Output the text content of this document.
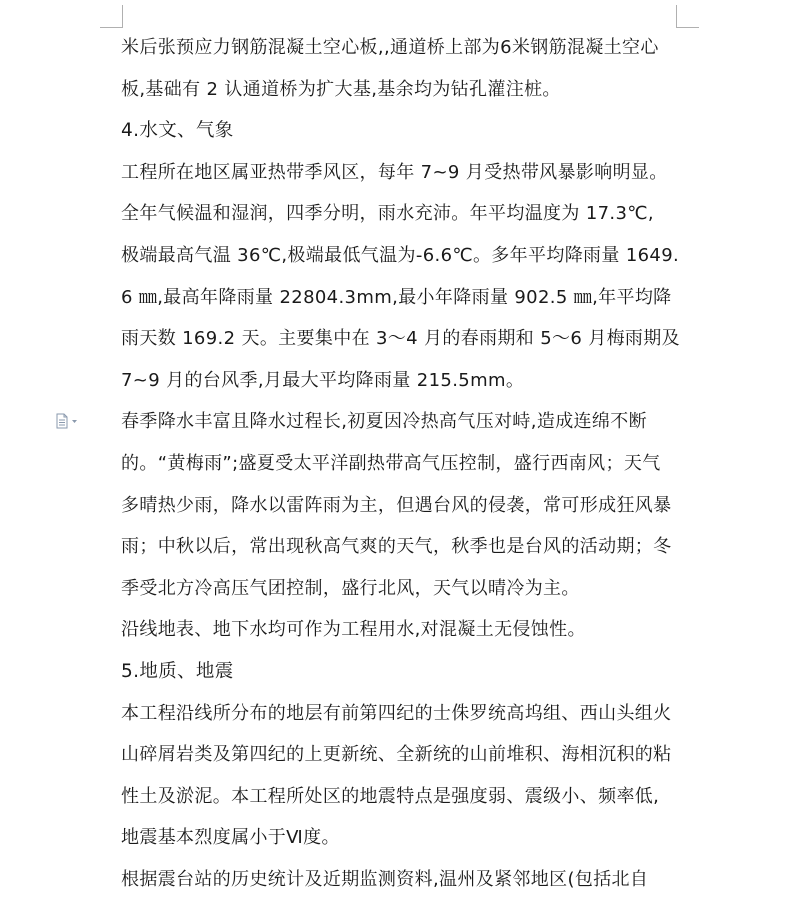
米后张预应力钢筋混凝土空心板,,通道桥上部为6米钢筋混凝土空心
板,基础有 2 认通道桥为扩大基,基余均为钻孔灌注桩。
4.水文、气象
工程所在地区属亚热带季风区，每年 7~9 月受热带风暴影响明显。
全年气候温和湿润，四季分明，雨水充沛。年平均温度为 17.3℃,
极端最高气温 36℃,极端最低气温为-6.6℃。多年平均降雨量 1649.
6 ㎜,最高年降雨量 22804.3mm,最小年降雨量 902.5 ㎜,年平均降
雨天数 169.2 天。主要集中在 3～4 月的春雨期和 5～6 月梅雨期及
7~9 月的台风季,月最大平均降雨量 215.5mm。
春季降水丰富且降水过程长,初夏因冷热高气压对峙,造成连绵不断
的。“黄梅雨”;盛夏受太平洋副热带高气压控制，盛行西南风；天气
多晴热少雨，降水以雷阵雨为主，但遇台风的侵袭，常可形成狂风暴
雨；中秋以后，常出现秋高气爽的天气，秋季也是台风的活动期；冬
季受北方冷高压气团控制，盛行北风，天气以晴冷为主。
沿线地表、地下水均可作为工程用水,对混凝土无侵蚀性。
5.地质、地震
本工程沿线所分布的地层有前第四纪的士侏罗统高坞组、西山头组火
山碎屑岩类及第四纪的上更新统、全新统的山前堆积、海相沉积的粘
性土及淤泥。本工程所处区的地震特点是强度弱、震级小、频率低,
地震基本烈度属小于Ⅵ度。
根据震台站的历史统计及近期监测资料,温州及紧邻地区(包括北自
